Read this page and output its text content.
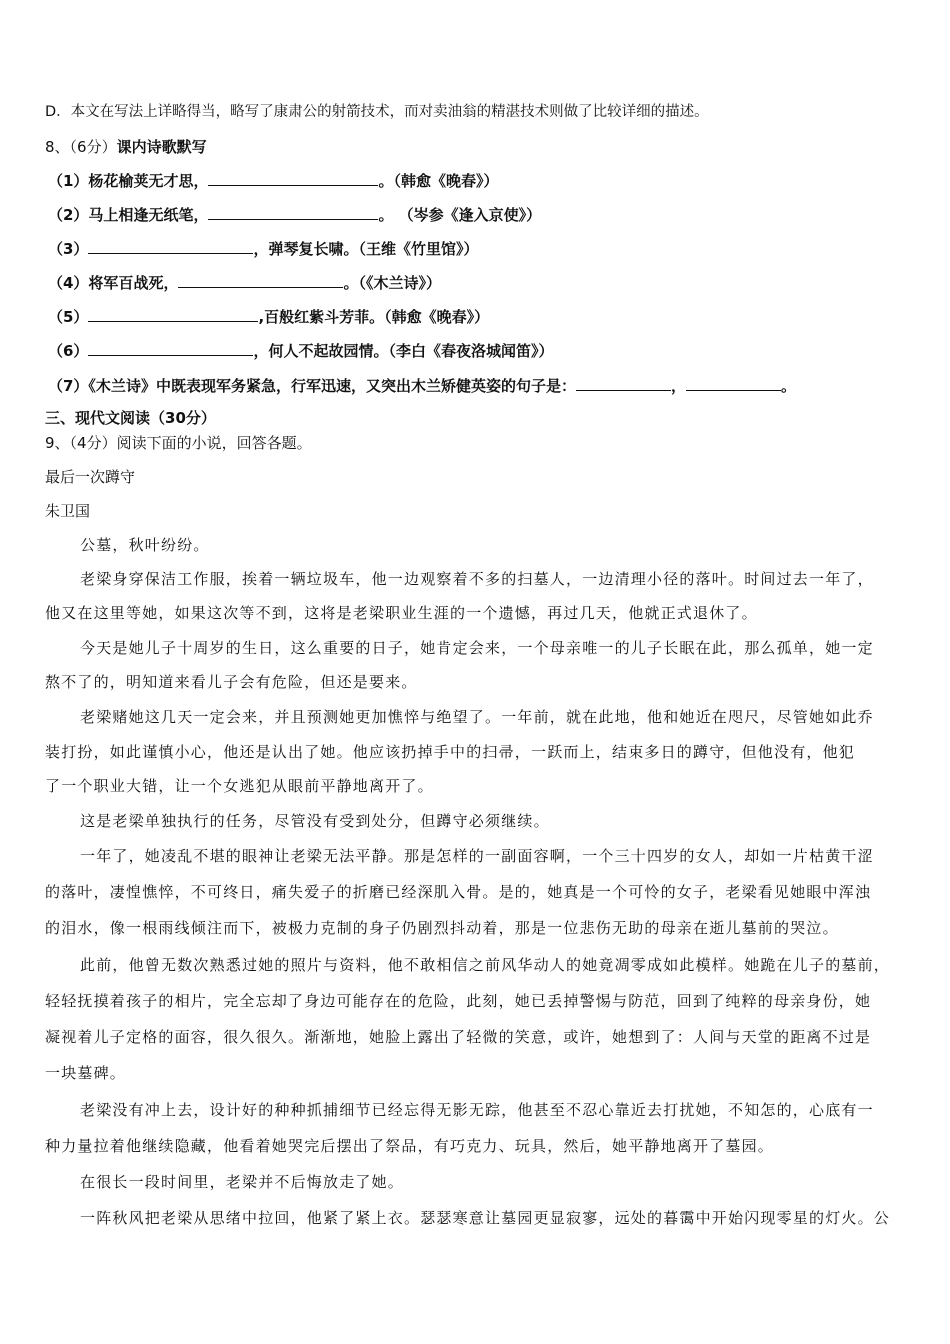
D．本文在写法上详略得当，略写了康肃公的射箭技术，而对卖油翁的精湛技术则做了比较详细的描述。
8、（6分）课内诗歌默写
（1）杨花榆荚无才思，	。（韩愈《晚春》）
（2）马上相逢无纸笔，	。 （岑参《逢入京使》）
（3）	，弹琴复长啸。（王维《竹里馆》）
（4）将军百战死，	。（《木兰诗》）
（5）	,百般红紫斗芳菲。（韩愈《晚春》）
（6）	，何人不起故园情。（李白《春夜洛城闻笛》）
（7）《木兰诗》中既表现军务紧急，行军迅速，又突出木兰矫健英姿的句子是：	，	。
三、现代文阅读（30分）
9、（4分）阅读下面的小说，回答各题。
最后一次蹲守
朱卫国
公墓，秋叶纷纷。
老梁身穿保洁工作服，挨着一辆垃圾车，他一边观察着不多的扫墓人，一边清理小径的落叶。时间过去一年了，
他又在这里等她，如果这次等不到，这将是老梁职业生涯的一个遗憾，再过几天，他就正式退休了。
今天是她儿子十周岁的生日，这么重要的日子，她肯定会来，一个母亲唯一的儿子长眠在此，那么孤单，她一定
熬不了的，明知道来看儿子会有危险，但还是要来。
老梁赌她这几天一定会来，并且预测她更加憔悴与绝望了。一年前，就在此地，他和她近在咫尺，尽管她如此乔
装打扮，如此谨慎小心，他还是认出了她。他应该扔掉手中的扫帚，一跃而上，结束多日的蹲守，但他没有，他犯
了一个职业大错，让一个女逃犯从眼前平静地离开了。
这是老梁单独执行的任务，尽管没有受到处分，但蹲守必须继续。
一年了，她凌乱不堪的眼神让老梁无法平静。那是怎样的一副面容啊，一个三十四岁的女人，却如一片枯黄干涩
的落叶，凄惶憔悴，不可终日，痛失爱子的折磨已经深肌入骨。是的，她真是一个可怜的女子，老梁看见她眼中浑浊
的泪水，像一根雨线倾注而下，被极力克制的身子仍剧烈抖动着，那是一位悲伤无助的母亲在逝儿墓前的哭泣。
此前，他曾无数次熟悉过她的照片与资料，他不敢相信之前风华动人的她竟凋零成如此模样。她跪在儿子的墓前，
轻轻抚摸着孩子的相片，完全忘却了身边可能存在的危险，此刻，她已丢掉警惕与防范，回到了纯粹的母亲身份，她
凝视着儿子定格的面容，很久很久。渐渐地，她脸上露出了轻微的笑意，或许，她想到了：人间与天堂的距离不过是
一块墓碑。
老梁没有冲上去，设计好的种种抓捕细节已经忘得无影无踪，他甚至不忍心靠近去打扰她，不知怎的，心底有一
种力量拉着他继续隐藏，他看着她哭完后摆出了祭品，有巧克力、玩具，然后，她平静地离开了墓园。
在很长一段时间里，老梁并不后悔放走了她。
一阵秋风把老梁从思绪中拉回，他紧了紧上衣。瑟瑟寒意让墓园更显寂寥，远处的暮霭中开始闪现零星的灯火。公
